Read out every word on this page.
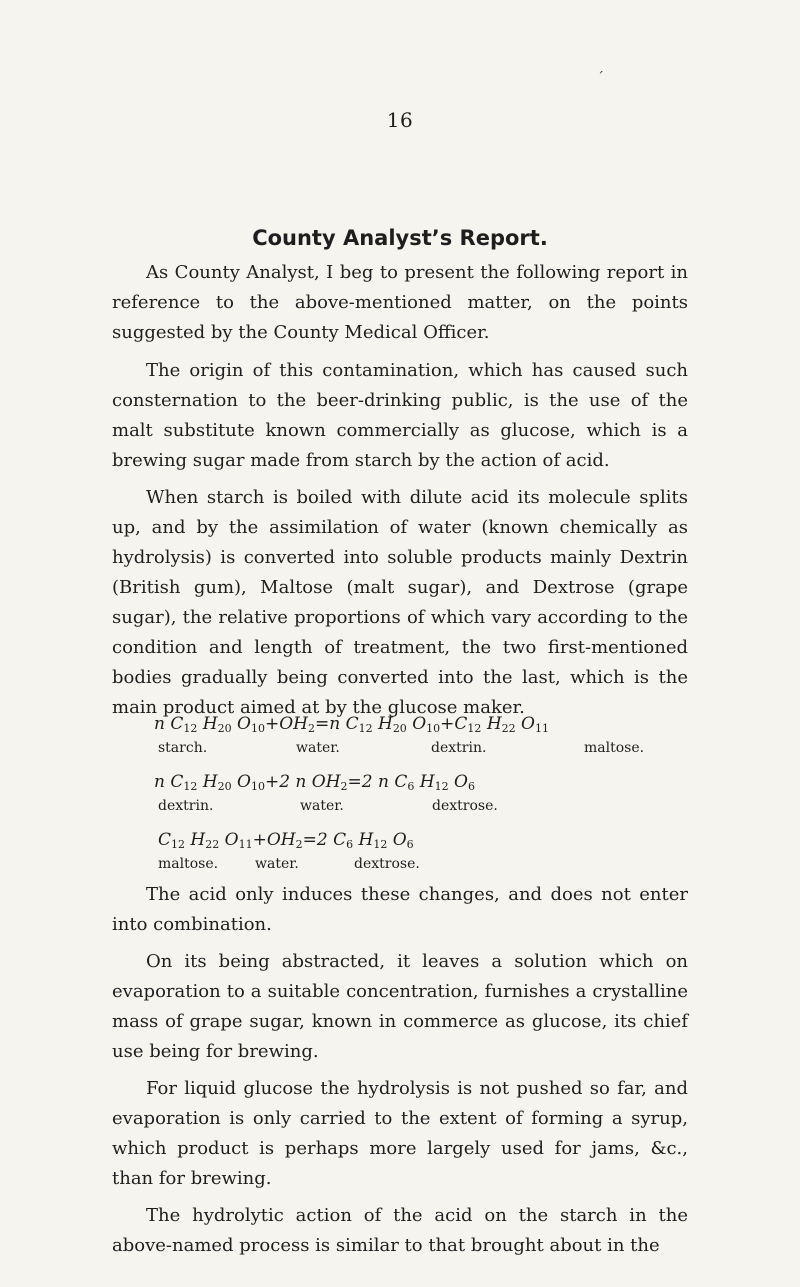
´
16
County Analyst’s Report.

As County Analyst, I beg to present the following report in reference to the above-mentioned matter, on the points suggested by the County Medical Officer.

The origin of this contamination, which has caused such consternation to the beer-drinking public, is the use of the malt substitute known commercially as glucose, which is a brewing sugar made from starch by the action of acid.

When starch is boiled with dilute acid its molecule splits up, and by the assimilation of water (known chemically as hydrolysis) is converted into soluble products mainly Dextrin (British gum), Maltose (malt sugar), and Dextrose (grape sugar), the relative proportions of which vary according to the condition and length of treatment, the two first-mentioned bodies gradually being converted into the last, which is the main product aimed at by the glucose maker.

n $C_{12}$ $H_{20}$ $O_{10}+OH_2=n$ $C_{12}$ $H_{20}$ $O_{10}+C_{12}$ $H_{22}$ $O_{11}$
starch.	water.	dextrin.	maltose.
n $C_{12}$ $H_{20}$ $O_{10}+2$ n $OH_2=2$ n $C_6$ $H_{12}$ $O_6$
dextrin.	water.	dextrose.
$C_{12}$ $H_{22}$ $O_{11}+OH_2=2$ $C_6$ $H_{12}$ $O_6$
maltose.	water.	dextrose.

The acid only induces these changes, and does not enter into combination.

On its being abstracted, it leaves a solution which on evaporation to a suitable concentration, furnishes a crystalline mass of grape sugar, known in commerce as glucose, its chief use being for brewing.

For liquid glucose the hydrolysis is not pushed so far, and evaporation is only carried to the extent of forming a syrup, which product is perhaps more largely used for jams, &c., than for brewing.

The hydrolytic action of the acid on the starch in the above-named process is similar to that brought about in the
